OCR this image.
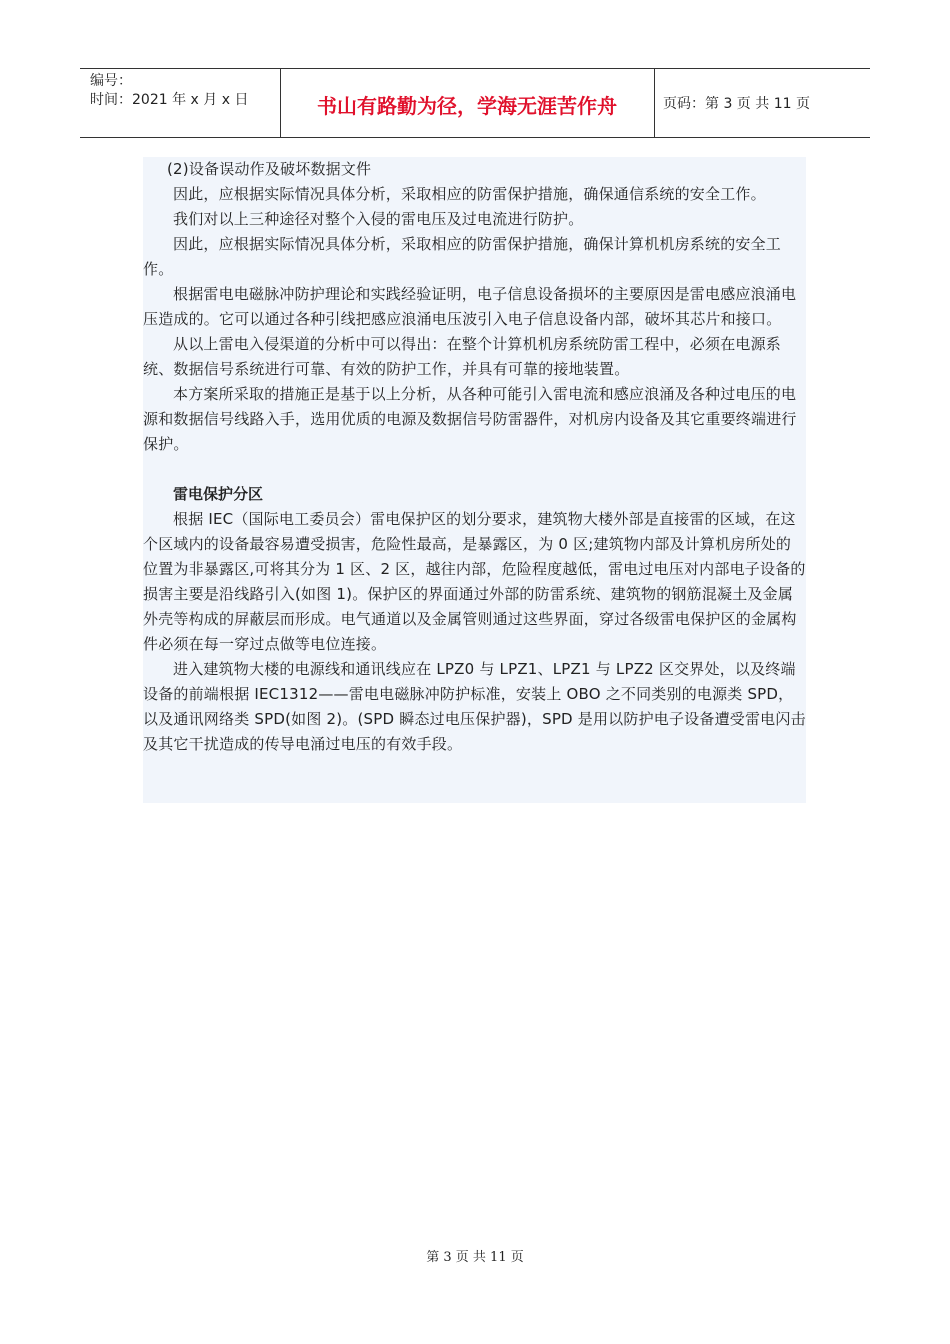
编号：
时间：2021 年 x 月 x 日	书山有路勤为径，学海无涯苦作舟	页码：第 3 页 共 11 页

(2)设备误动作及破坏数据文件

因此，应根据实际情况具体分析，采取相应的防雷保护措施，确保通信系统的安全工作。

我们对以上三种途径对整个入侵的雷电压及过电流进行防护。

因此，应根据实际情况具体分析，采取相应的防雷保护措施，确保计算机机房系统的安全工作。

根据雷电电磁脉冲防护理论和实践经验证明，电子信息设备损坏的主要原因是雷电感应浪涌电压造成的。它可以通过各种引线把感应浪涌电压波引入电子信息设备内部，破坏其芯片和接口。

从以上雷电入侵渠道的分析中可以得出：在整个计算机机房系统防雷工程中，必须在电源系统、数据信号系统进行可靠、有效的防护工作，并具有可靠的接地装置。

本方案所采取的措施正是基于以上分析，从各种可能引入雷电流和感应浪涌及各种过电压的电源和数据信号线路入手，选用优质的电源及数据信号防雷器件，对机房内设备及其它重要终端进行保护。

雷电保护分区

根据 IEC（国际电工委员会）雷电保护区的划分要求，建筑物大楼外部是直接雷的区域，在这个区域内的设备最容易遭受损害，危险性最高，是暴露区，为 0 区;建筑物内部及计算机房所处的位置为非暴露区,可将其分为 1 区、2 区，越往内部，危险程度越低，雷电过电压对内部电子设备的损害主要是沿线路引入(如图 1)。保护区的界面通过外部的防雷系统、建筑物的钢筋混凝土及金属外壳等构成的屏蔽层而形成。电气通道以及金属管则通过这些界面，穿过各级雷电保护区的金属构件必须在每一穿过点做等电位连接。

进入建筑物大楼的电源线和通讯线应在 LPZ0 与 LPZ1、LPZ1 与 LPZ2 区交界处，以及终端设备的前端根据 IEC1312——雷电电磁脉冲防护标准，安装上 OBO 之不同类别的电源类 SPD，以及通讯网络类 SPD(如图 2)。(SPD 瞬态过电压保护器)，SPD 是用以防护电子设备遭受雷电闪击及其它干扰造成的传导电涌过电压的有效手段。

第 3 页 共 11 页
